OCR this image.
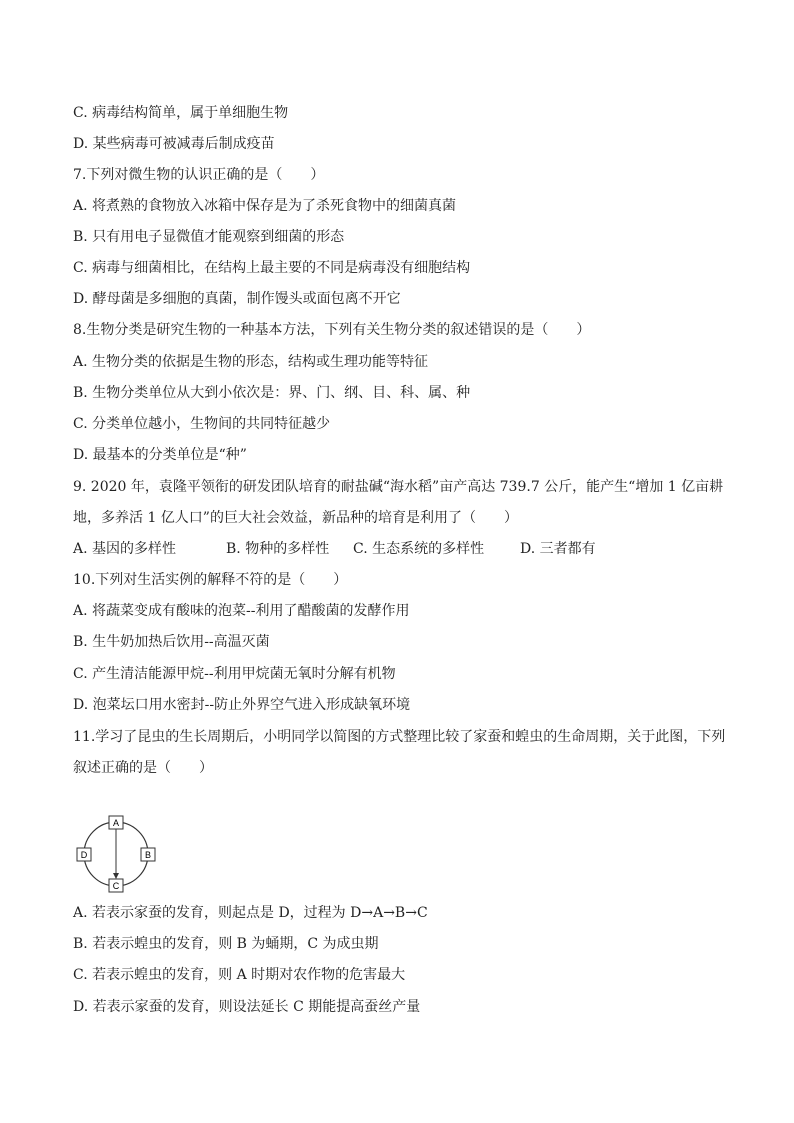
C. 病毒结构简单，属于单细胞生物
D. 某些病毒可被减毒后制成疫苗
7.下列对微生物的认识正确的是（　　）
A. 将煮熟的食物放入冰箱中保存是为了杀死食物中的细菌真菌
B. 只有用电子显微值才能观察到细菌的形态
C. 病毒与细菌相比，在结构上最主要的不同是病毒没有细胞结构
D. 酵母菌是多细胞的真菌，制作馒头或面包离不开它
8.生物分类是研究生物的一种基本方法，下列有关生物分类的叙述错误的是（　　）
A. 生物分类的依据是生物的形态，结构或生理功能等特征
B. 生物分类单位从大到小依次是：界、门、纲、目、科、属、种
C. 分类单位越小，生物间的共同特征越少
D. 最基本的分类单位是“种”
9. 2020 年，袁隆平领衔的研发团队培育的耐盐碱“海水稻”亩产高达 739.7 公斤，能产生“增加 1 亿亩耕
地，多养活 1 亿人口”的巨大社会效益，新品种的培育是利用了（　　）
A. 基因的多样性	B. 物种的多样性 C. 生态系统的多样性	D. 三者都有
10.下列对生活实例的解释不符的是（　　）
A. 将蔬菜变成有酸味的泡菜--利用了醋酸菌的发酵作用
B. 生牛奶加热后饮用--高温灭菌
C. 产生清洁能源甲烷--利用甲烷菌无氧时分解有机物
D. 泡菜坛口用水密封--防止外界空气进入形成缺氧环境
11.学习了昆虫的生长周期后，小明同学以简图的方式整理比较了家蚕和蝗虫的生命周期，关于此图，下列
叙述正确的是（　　）
A
B
C
D
A. 若表示家蚕的发育，则起点是 D，过程为 D→A→B→C
B. 若表示蝗虫的发育，则 B 为蛹期，C 为成虫期
C. 若表示蝗虫的发育，则 A 时期对农作物的危害最大
D. 若表示家蚕的发育，则设法延长 C 期能提高蚕丝产量
